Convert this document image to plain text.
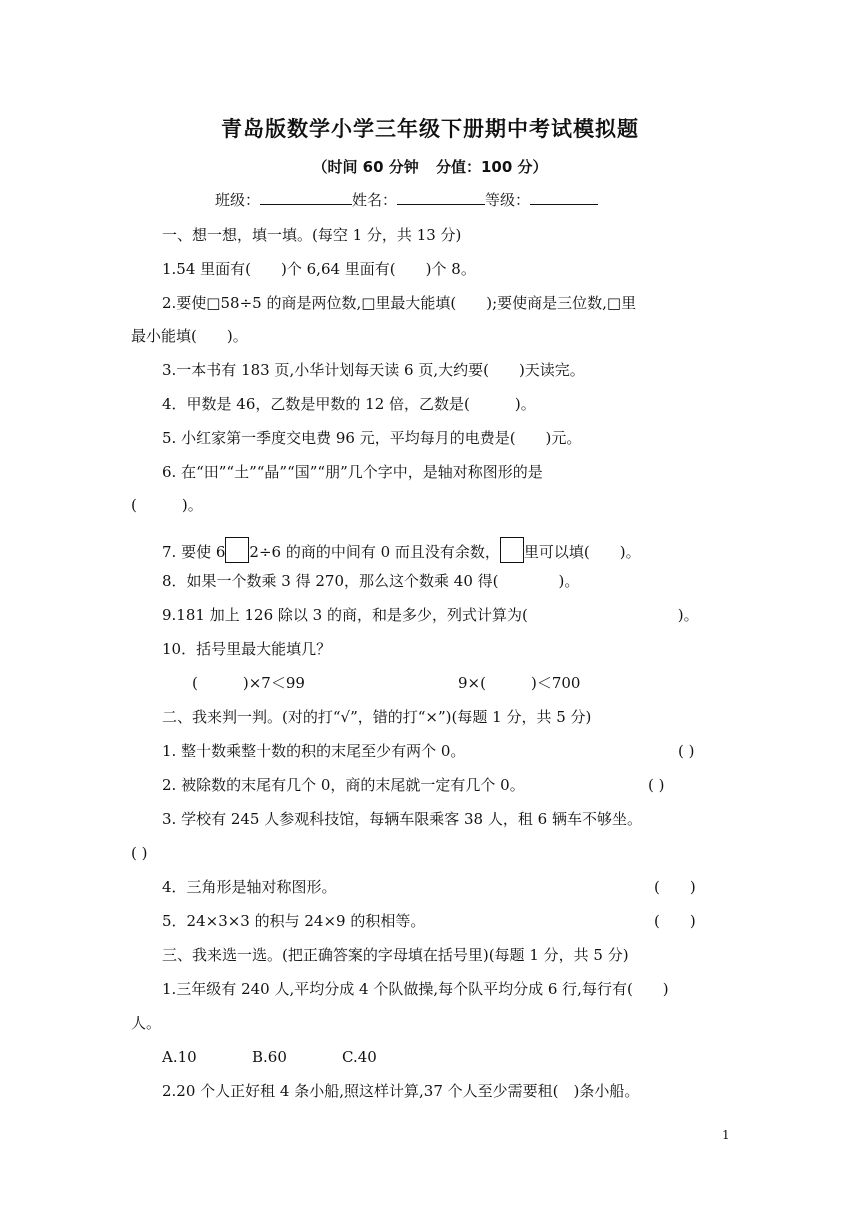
青岛版数学小学三年级下册期中考试模拟题
（时间 60 分钟 分值：100 分）
班级：	姓名：	等级：
一、想一想，填一填。(每空 1 分，共 13 分)
1.54 里面有(　　)个 6,64 里面有(　　)个 8。
2.要使□58÷5 的商是两位数,□里最大能填(　　);要使商是三位数,□里
最小能填(　　)。
3.一本书有 183 页,小华计划每天读 6 页,大约要(　　)天读完。
4．甲数是 46，乙数是甲数的 12 倍，乙数是(　　　)。
5. 小红家第一季度交电费 96 元，平均每月的电费是(　　)元。
6. 在“田”“土”“晶”“国”“朋”几个字中，是轴对称图形的是
(　　　)。
7. 要使 6 2÷6 的商的中间有 0 而且没有余数， 里可以填(　　)。
8．如果一个数乘 3 得 270，那么这个数乘 40 得(　　　　)。
9.181 加上 126 除以 3 的商，和是多少，列式计算为(　　　　　　　　　　)。
10．括号里最大能填几？
(　　　)×7＜99	9×(　　　)＜700
二、我来判一判。(对的打“√”，错的打“×”)(每题 1 分，共 5 分)
1. 整十数乘整十数的积的末尾至少有两个 0。	( )
2. 被除数的末尾有几个 0，商的末尾就一定有几个 0。	( )
3. 学校有 245 人参观科技馆，每辆车限乘客 38 人，租 6 辆车不够坐。
( )
4．三角形是轴对称图形。	(　　)
5．24×3×3 的积与 24×9 的积相等。	(　　)
三、我来选一选。(把正确答案的字母填在括号里)(每题 1 分，共 5 分)
1.三年级有 240 人,平均分成 4 个队做操,每个队平均分成 6 行,每行有(　　)
人。
A.10	B.60	C.40
2.20 个人正好租 4 条小船,照这样计算,37 个人至少需要租(　)条小船。
1
